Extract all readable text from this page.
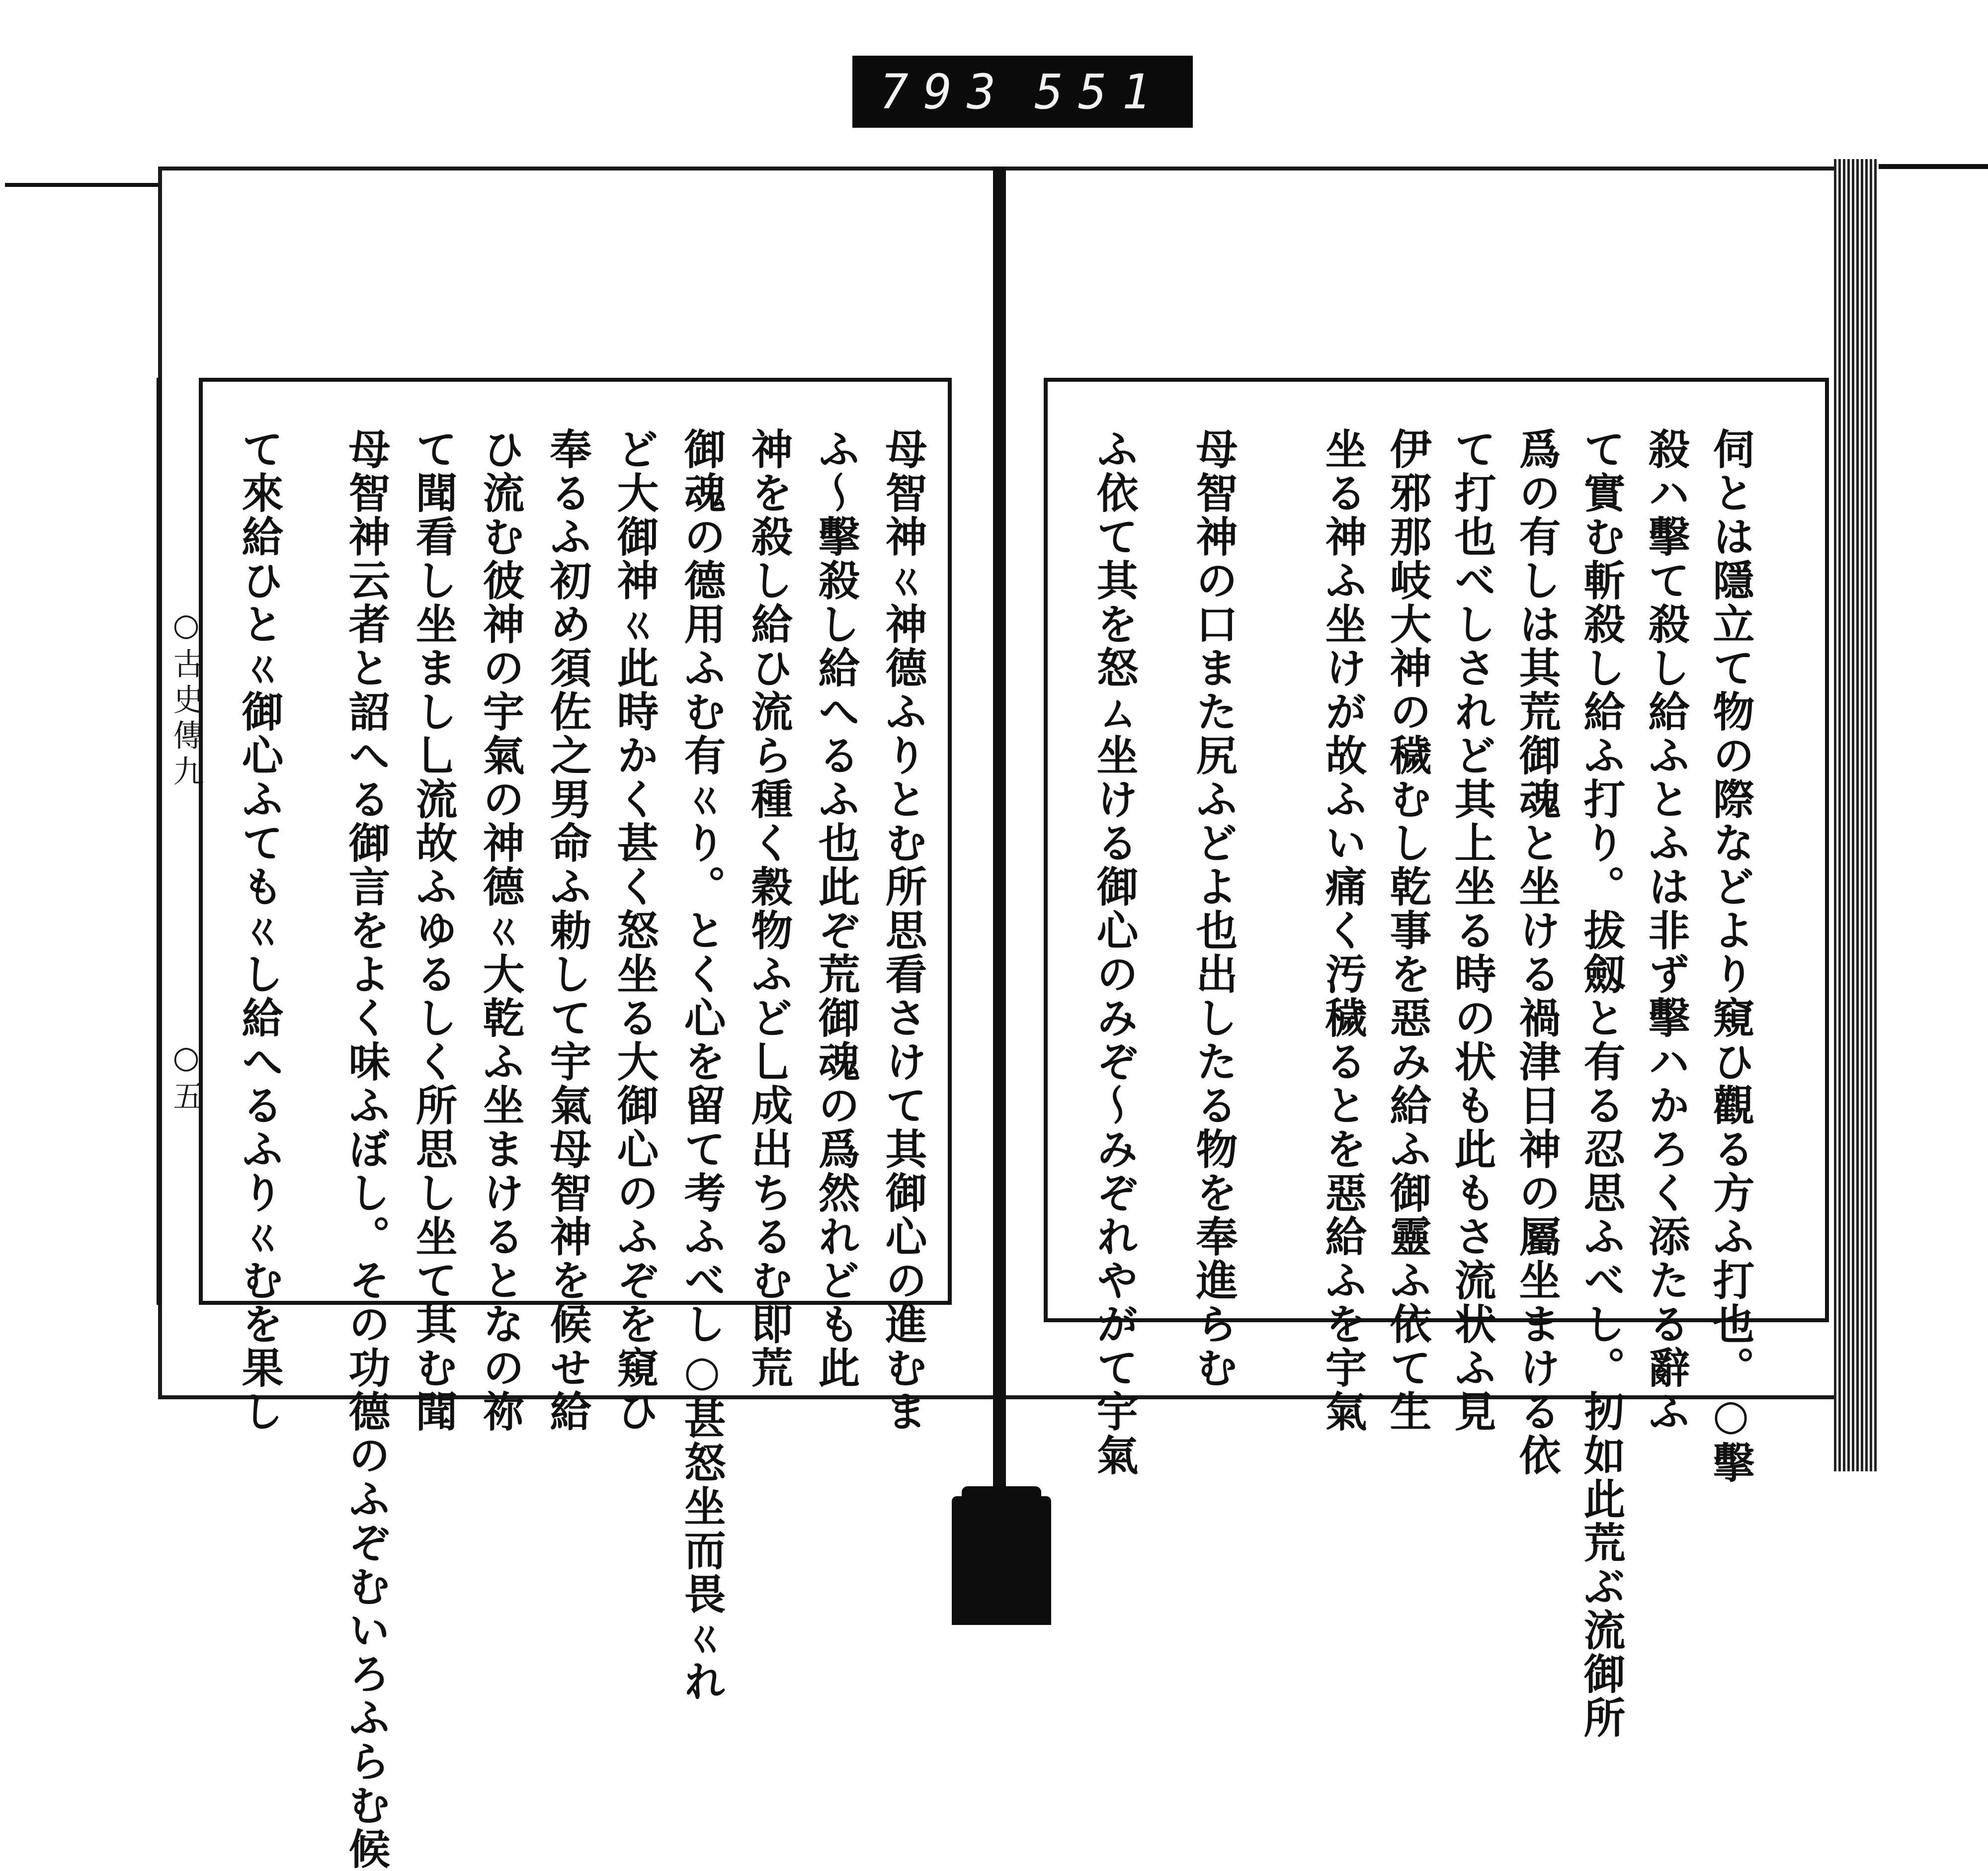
793 551
○古史傳九
○五	伺とは隱立て物の際などより窺ひ觀る方ふ打也。○擊
殺ハ擊て殺し給ふとふは非ず擊ハかろく添たる辭ふ
て實む斬殺し給ふ打り。拔劔と有る忍思ふべし。扨如此荒ぶ流御所
爲の有しは其荒御魂と坐ける禍津日神の屬坐まける依
て打也べしされど其上坐る時の状も此もさ流状ふ見
伊邪那岐大神の穢むし乾事を惡み給ふ御靈ふ依て生
坐る神ふ坐けが故ふい痛く汚穢るとを惡給ふを宇氣
母智神の口また尻ふどよ也出したる物を奉進らむ
ふ依て其を怒ㄙ坐ける御心のみぞ〜みぞれやがて宇氣
母智神ㄍ神德ふりとむ所思看さけて其御心の進むま
ふ〜擊殺し給へるふ也此ぞ荒御魂の爲然れども此
神を殺し給ひ流ら種く穀物ふど乚成出ちるむ即荒
御魂の德用ふむ有ㄍり。とく心を留て考ふべし○甚怒坐而畏ㄍれ
ど大御神ㄍ此時かく甚く怒坐る大御心のふぞを窺ひ
奉るふ初め須佐之男命ふ勅して宇氣母智神を候せ給
ひ流む彼神の宇氣の神德ㄍ大乾ふ坐まけるとなの祢
て聞看し坐まし乚流故ふゆるしく所思し坐て其む聞
母智神云者と詔へる御言をよく味ふぼし。その功德のふぞむいろふらむ候
て來給ひとㄍ御心ふてもㄍし給へるふりㄍむを果し
